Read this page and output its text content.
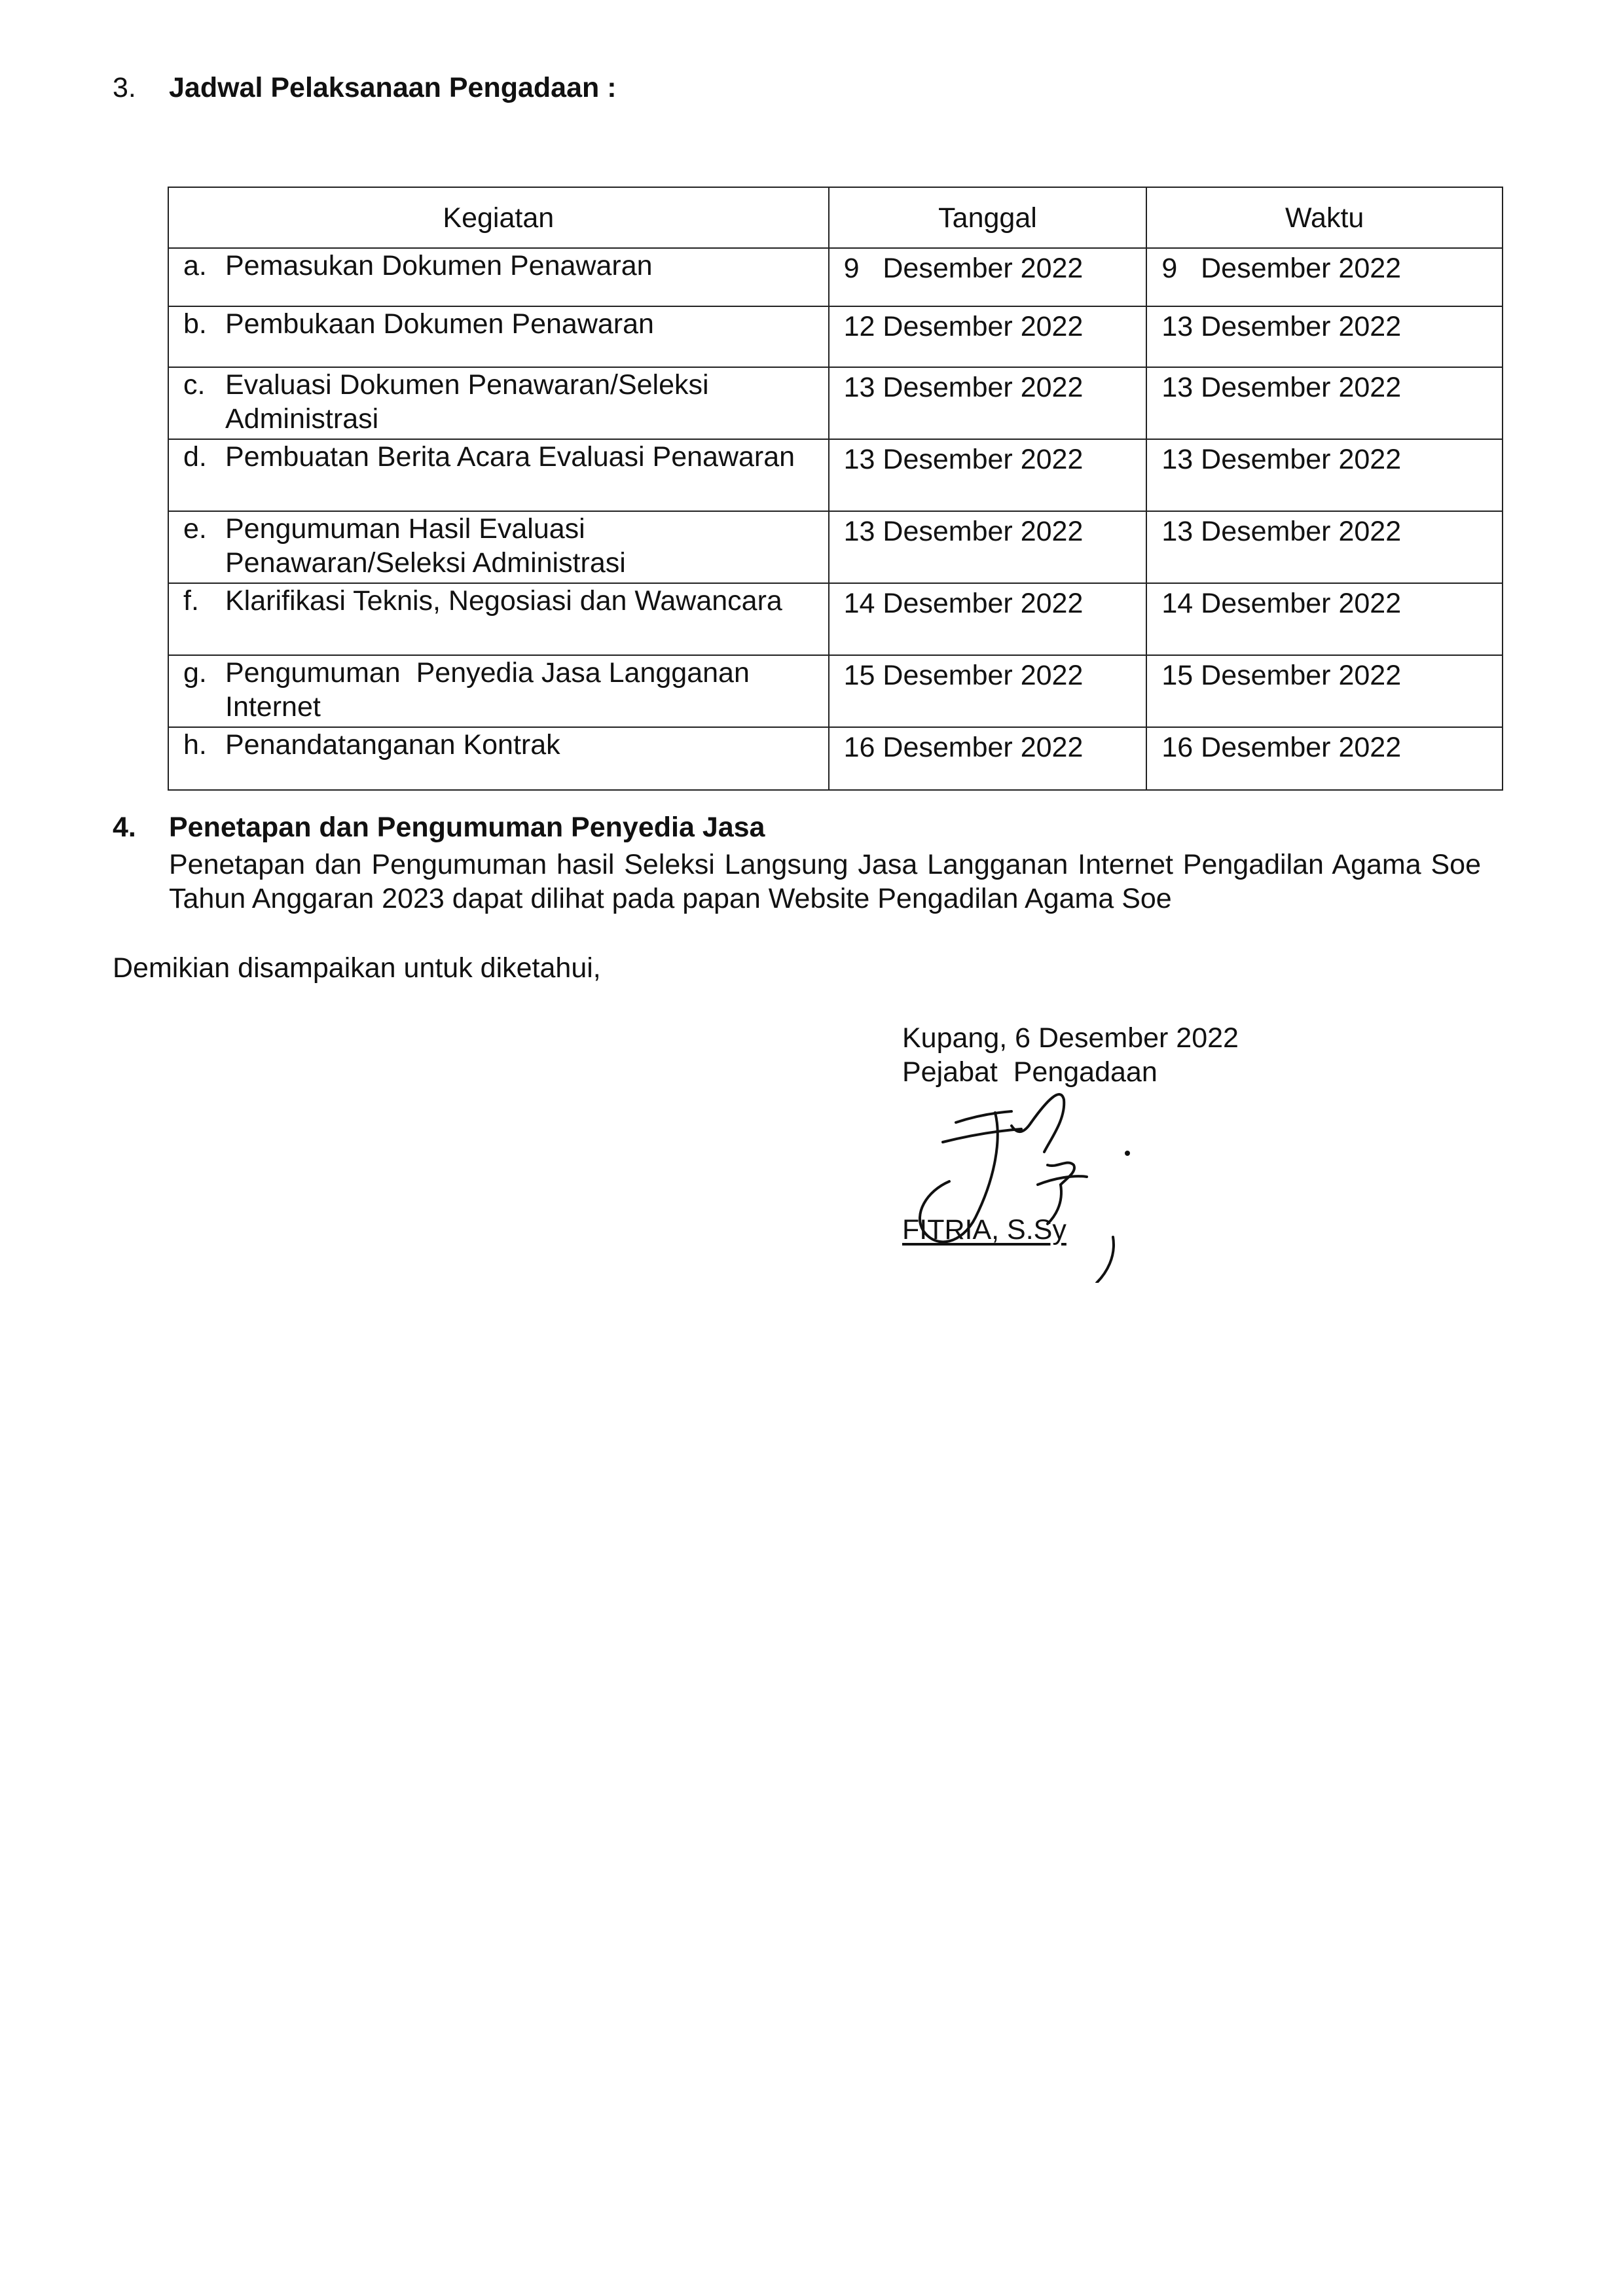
3.	Jadwal Pelaksanaan Pengadaan :
Kegiatan	Tanggal	Waktu

a. Pemasukan Dokumen Penawaran	9   Desember 2022	9   Desember 2022

b. Pembukaan Dokumen Penawaran	12 Desember 2022	13 Desember 2022

c. Evaluasi Dokumen Penawaran/Seleksi Administrasi	13 Desember 2022	13 Desember 2022

d. Pembuatan Berita Acara Evaluasi Penawaran	13 Desember 2022	13 Desember 2022

e. Pengumuman Hasil Evaluasi Penawaran/Seleksi Administrasi	13 Desember 2022	13 Desember 2022

f. Klarifikasi Teknis, Negosiasi dan Wawancara	14 Desember 2022	14 Desember 2022

g. Pengumuman  Penyedia Jasa Langganan Internet	15 Desember 2022	15 Desember 2022

h. Penandatanganan Kontrak	16 Desember 2022	16 Desember 2022
4.	Penetapan dan Pengumuman Penyedia Jasa
Penetapan dan Pengumuman hasil Seleksi Langsung Jasa Langganan Internet Pengadilan Agama Soe Tahun Anggaran 2023 dapat dilihat pada papan Website Pengadilan Agama Soe
Demikian disampaikan untuk diketahui,
Kupang, 6 Desember 2022
Pejabat  Pengadaan
FITRIA, S.Sy
